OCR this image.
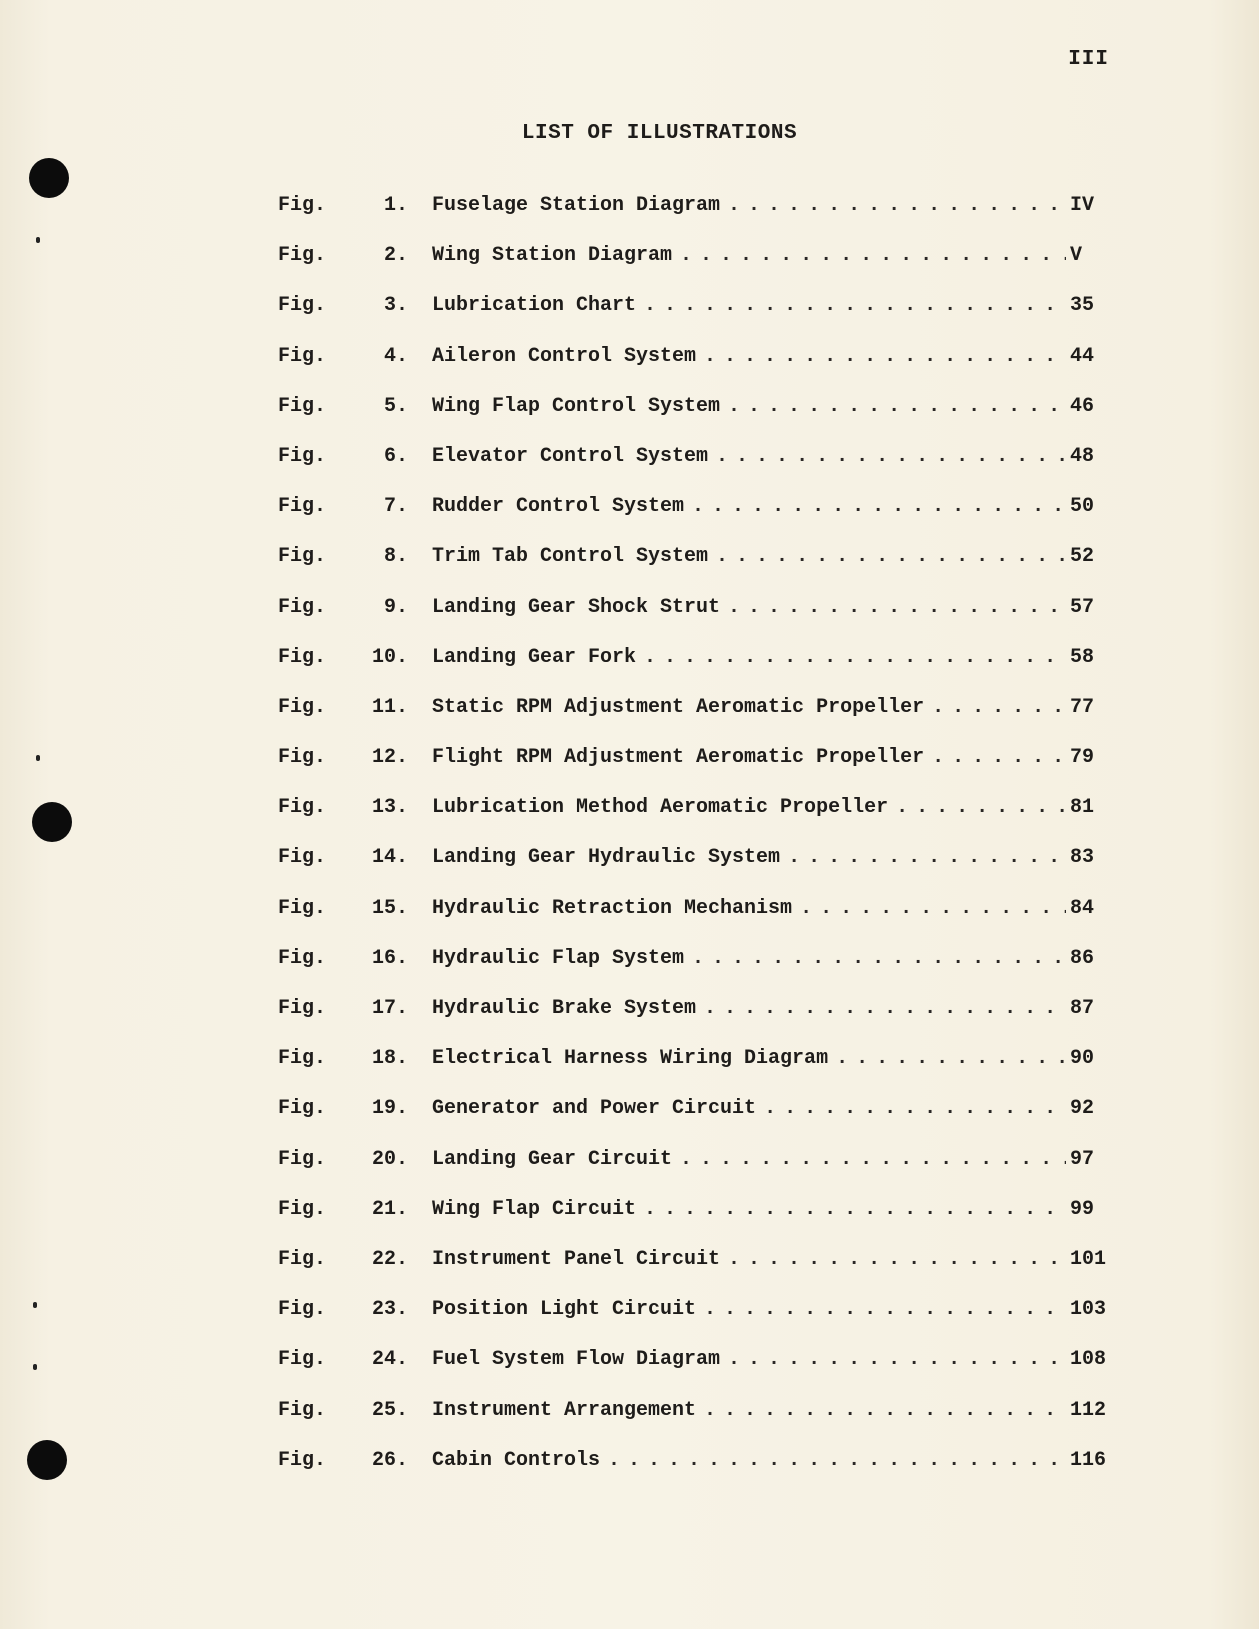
III
LIST OF ILLUSTRATIONS
Fig.	1. Fuselage Station Diagram . . .	IV
Fig.	2. Wing Station Diagram . . .	V
Fig.	3. Lubrication Chart . . .	35
Fig.	4. Aileron Control System . . .	44
Fig.	5. Wing Flap Control System . . .	46
Fig.	6. Elevator Control System . . .	48
Fig.	7. Rudder Control System . . .	50
Fig.	8. Trim Tab Control System . . .	52
Fig.	9. Landing Gear Shock Strut . . .	57
Fig.	10. Landing Gear Fork . . .	58
Fig.	11. Static RPM Adjustment Aeromatic Propeller . . .	77
Fig.	12. Flight RPM Adjustment Aeromatic Propeller . . .	79
Fig.	13. Lubrication Method Aeromatic Propeller . . .	81
Fig.	14. Landing Gear Hydraulic System . . .	83
Fig.	15. Hydraulic Retraction Mechanism . . .	84
Fig.	16. Hydraulic Flap System . . .	86
Fig.	17. Hydraulic Brake System . . .	87
Fig.	18. Electrical Harness Wiring Diagram . . .	90
Fig.	19. Generator and Power Circuit . . .	92
Fig.	20. Landing Gear Circuit . . .	97
Fig.	21. Wing Flap Circuit . . .	99
Fig.	22. Instrument Panel Circuit . . .	101
Fig.	23. Position Light Circuit . . .	103
Fig.	24. Fuel System Flow Diagram . . .	108
Fig.	25. Instrument Arrangement . . .	112
Fig.	26. Cabin Controls . . .	116
